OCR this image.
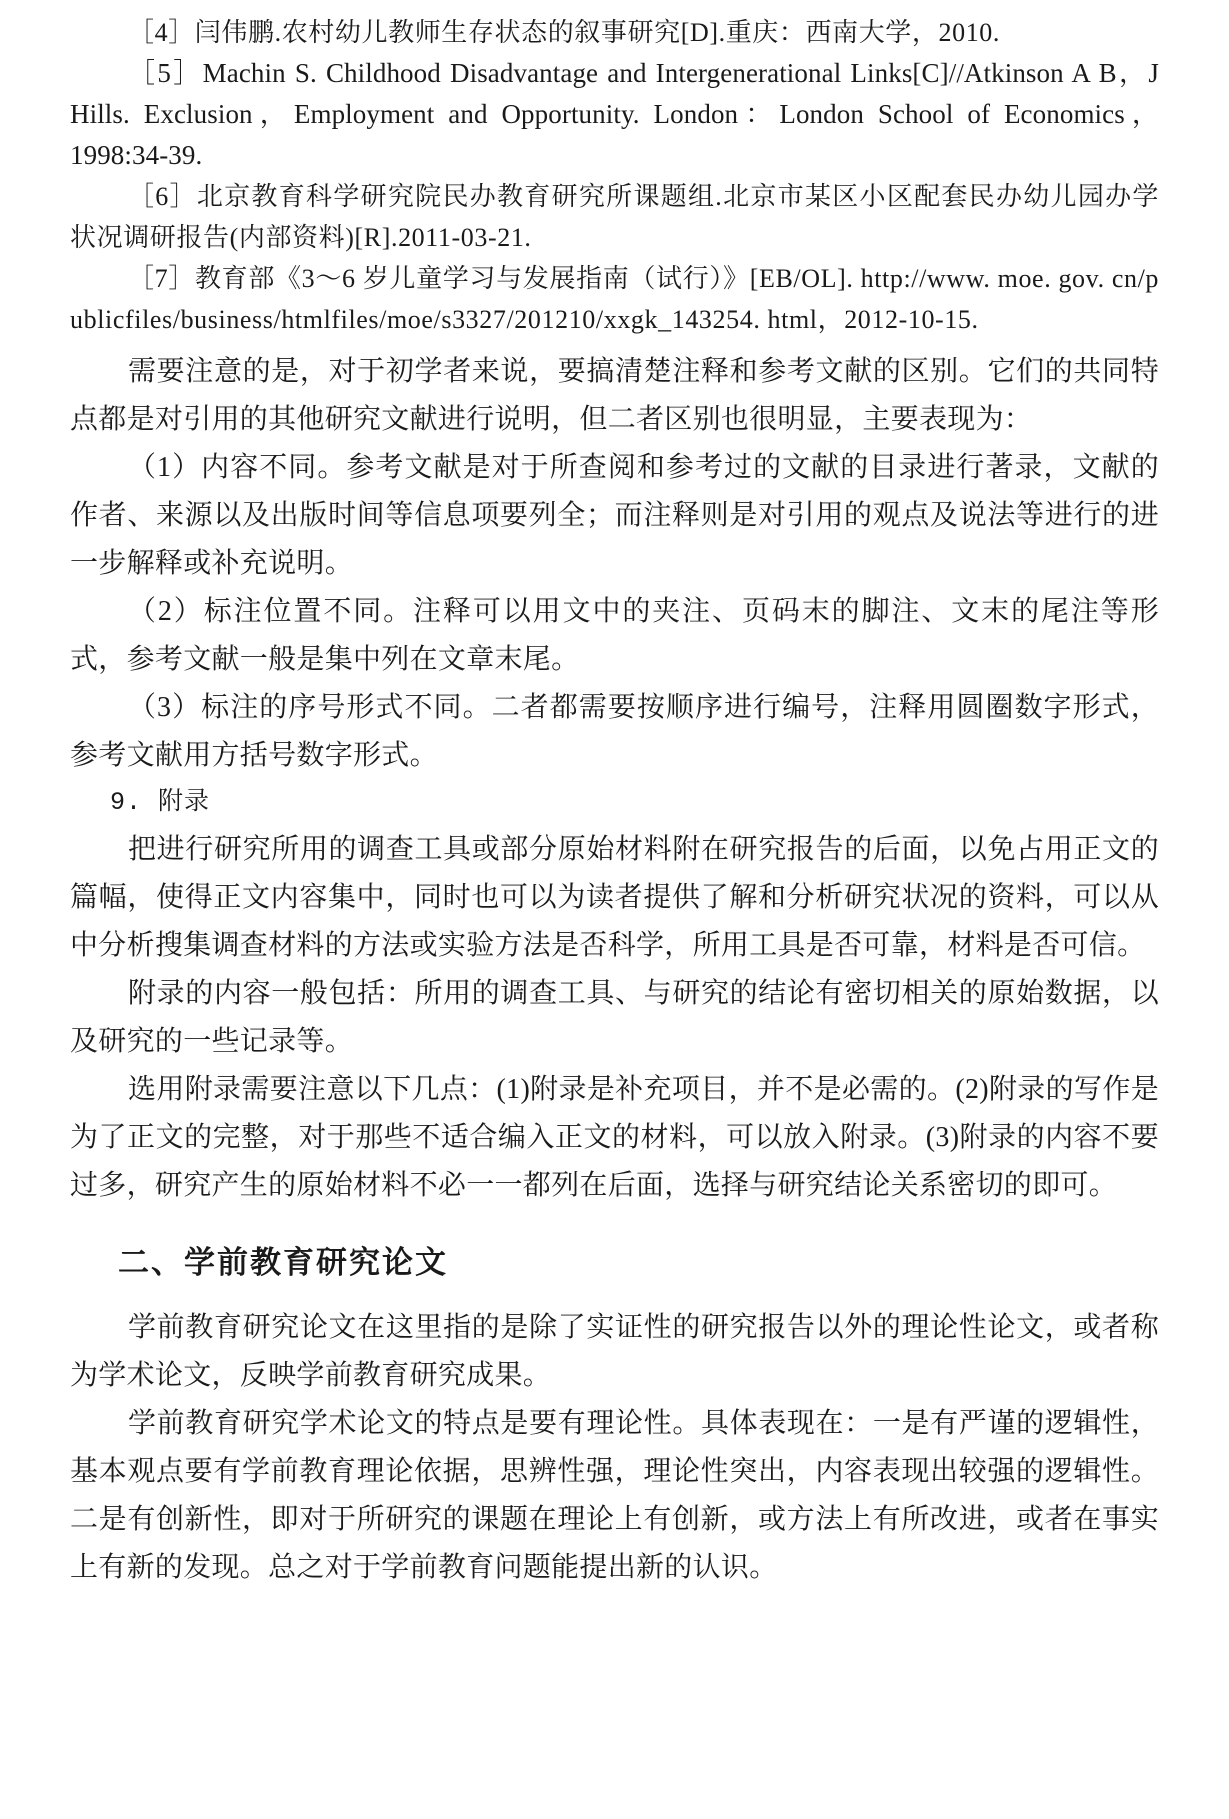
［4］闫伟鹏.农村幼儿教师生存状态的叙事研究[D].重庆：西南大学，2010.

［5］Machin S. Childhood Disadvantage and Intergenerational Links[C]//Atkinson A B，J Hills. Exclusion，Employment and Opportunity. London：London School of Economics，1998:34-39.

［6］北京教育科学研究院民办教育研究所课题组.北京市某区小区配套民办幼儿园办学状况调研报告(内部资料)[R].2011-03-21.

［7］教育部《3～6 岁儿童学习与发展指南（试行）》[EB/OL]. http://www. moe. gov. cn/publicfiles/business/htmlfiles/moe/s3327/201210/xxgk_143254. html，2012-10-15.

需要注意的是，对于初学者来说，要搞清楚注释和参考文献的区别。它们的共同特点都是对引用的其他研究文献进行说明，但二者区别也很明显，主要表现为：

（1）内容不同。参考文献是对于所查阅和参考过的文献的目录进行著录，文献的作者、来源以及出版时间等信息项要列全；而注释则是对引用的观点及说法等进行的进一步解释或补充说明。

（2）标注位置不同。注释可以用文中的夹注、页码末的脚注、文末的尾注等形式，参考文献一般是集中列在文章末尾。

（3）标注的序号形式不同。二者都需要按顺序进行编号，注释用圆圈数字形式，参考文献用方括号数字形式。

9. 附录

把进行研究所用的调查工具或部分原始材料附在研究报告的后面，以免占用正文的篇幅，使得正文内容集中，同时也可以为读者提供了解和分析研究状况的资料，可以从中分析搜集调查材料的方法或实验方法是否科学，所用工具是否可靠，材料是否可信。

附录的内容一般包括：所用的调查工具、与研究的结论有密切相关的原始数据，以及研究的一些记录等。

选用附录需要注意以下几点：(1)附录是补充项目，并不是必需的。(2)附录的写作是为了正文的完整，对于那些不适合编入正文的材料，可以放入附录。(3)附录的内容不要过多，研究产生的原始材料不必一一都列在后面，选择与研究结论关系密切的即可。

二、学前教育研究论文

学前教育研究论文在这里指的是除了实证性的研究报告以外的理论性论文，或者称为学术论文，反映学前教育研究成果。

学前教育研究学术论文的特点是要有理论性。具体表现在：一是有严谨的逻辑性，基本观点要有学前教育理论依据，思辨性强，理论性突出，内容表现出较强的逻辑性。二是有创新性，即对于所研究的课题在理论上有创新，或方法上有所改进，或者在事实上有新的发现。总之对于学前教育问题能提出新的认识。
